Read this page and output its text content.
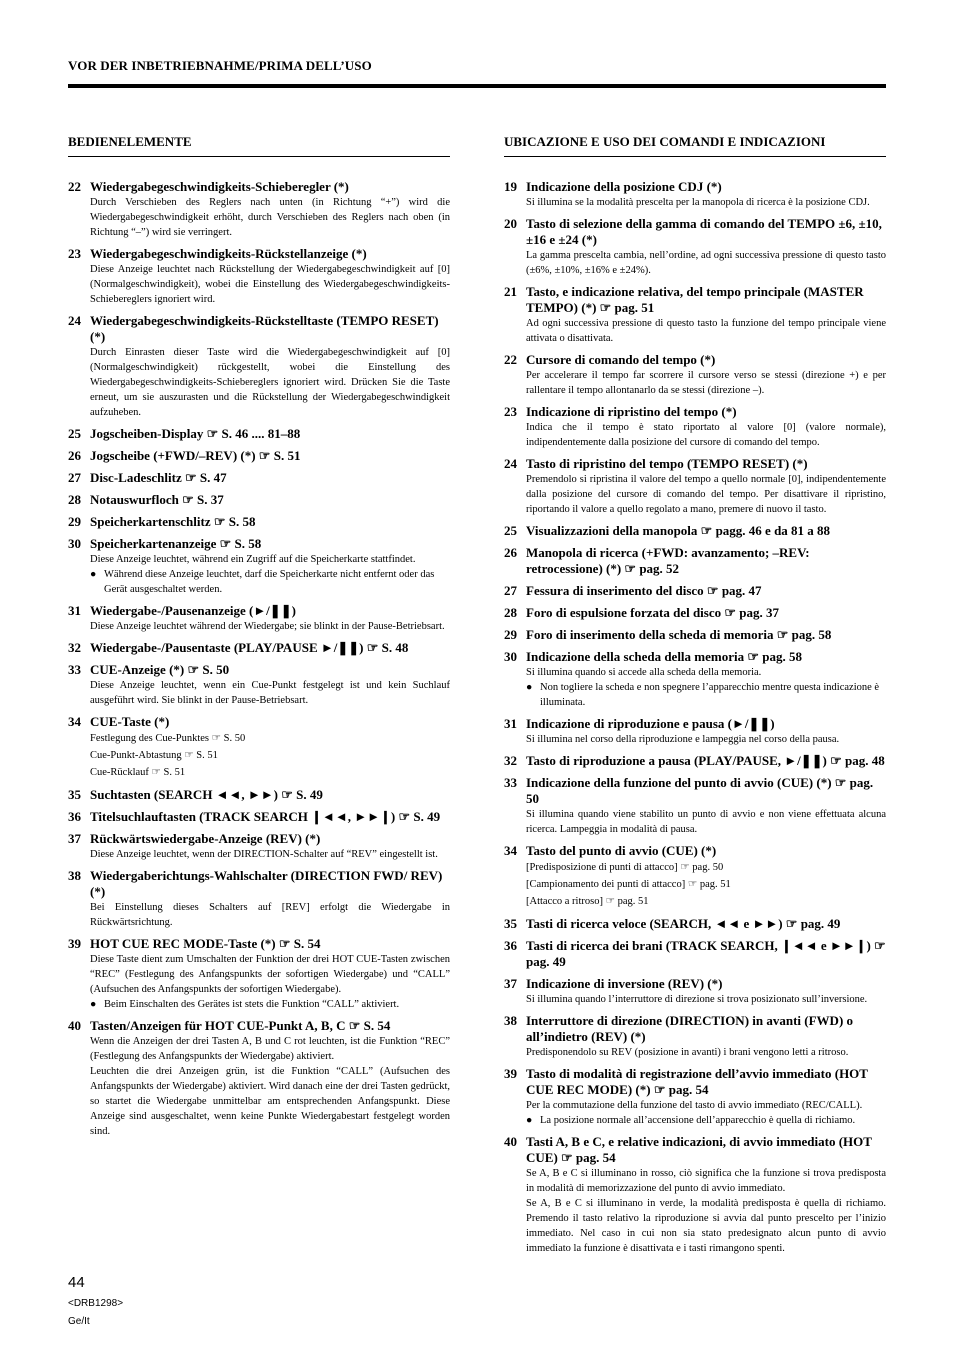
VOR DER INBETRIEBNAHME/PRIMA DELL’USO
BEDIENELEMENTE
22 Wiedergabegeschwindigkeits-Schieberegler (*)

Durch Verschieben des Reglers nach unten (in Richtung “+”) wird die Wiedergabegeschwindigkeit erhöht, durch Verschieben des Reglers nach oben (in Richtung “–”) wird sie verringert.

23 Wiedergabegeschwindigkeits-Rückstellanzeige (*)

Diese Anzeige leuchtet nach Rückstellung der Wiedergabegeschwindigkeit auf [0] (Normalgeschwindigkeit), wobei die Einstellung des Wiedergabegeschwindigkeits-Schiebereglers ignoriert wird.

24 Wiedergabegeschwindigkeits-Rückstelltaste (TEMPO RESET) (*)

Durch Einrasten dieser Taste wird die Wiedergabegeschwindigkeit auf [0] (Normalgeschwindigkeit) rückgestellt, wobei die Einstellung des Wiedergabegeschwindigkeits-Schiebereglers ignoriert wird. Drücken Sie die Taste erneut, um sie auszurasten und die Rückstellung der Wiedergabegeschwindigkeit aufzuheben.

25 Jogscheiben-Display ☞ S. 46 .... 81–88
26 Jogscheibe (+FWD/–REV) (*) ☞ S. 51
27 Disc-Ladeschlitz ☞ S. 47
28 Notauswurfloch ☞ S. 37
29 Speicherkartenschlitz ☞ S. 58
30 Speicherkartenanzeige ☞ S. 58

Diese Anzeige leuchtet, während ein Zugriff auf die Speicherkarte stattfindet.

● Während diese Anzeige leuchtet, darf die Speicherkarte nicht entfernt oder das Gerät ausgeschaltet werden.
31 Wiedergabe-/Pausenanzeige (►/❚❚)

Diese Anzeige leuchtet während der Wiedergabe; sie blinkt in der Pause-Betriebsart.

32 Wiedergabe-/Pausentaste (PLAY/PAUSE ►/❚❚) ☞ S. 48
33 CUE-Anzeige (*) ☞ S. 50

Diese Anzeige leuchtet, wenn ein Cue-Punkt festgelegt ist und kein Suchlauf ausgeführt wird. Sie blinkt in der Pause-Betriebsart.

34 CUE-Taste (*)
Festlegung des Cue-Punktes ☞ S. 50
Cue-Punkt-Abtastung ☞ S. 51
Cue-Rücklauf ☞ S. 51
35 Suchtasten (SEARCH ◄◄, ►►) ☞ S. 49
36 Titelsuchlauftasten (TRACK SEARCH ❙◄◄, ►►❙) ☞ S. 49
37 Rückwärtswiedergabe-Anzeige (REV) (*)

Diese Anzeige leuchtet, wenn der DIRECTION-Schalter auf “REV” eingestellt ist.

38 Wiedergaberichtungs-Wahlschalter (DIRECTION FWD/ REV) (*)

Bei Einstellung dieses Schalters auf [REV] erfolgt die Wiedergabe in Rückwärtsrichtung.

39 HOT CUE REC MODE-Taste (*) ☞ S. 54

Diese Taste dient zum Umschalten der Funktion der drei HOT CUE-Tasten zwischen “REC” (Festlegung des Anfangspunkts der sofortigen Wiedergabe) und “CALL” (Aufsuchen des Anfangspunkts der sofortigen Wiedergabe).

● Beim Einschalten des Gerätes ist stets die Funktion “CALL” aktiviert.
40 Tasten/Anzeigen für HOT CUE-Punkt A, B, C ☞ S. 54

Wenn die Anzeigen der drei Tasten A, B und C rot leuchten, ist die Funktion “REC” (Festlegung des Anfangspunkts der Wiedergabe) aktiviert.

Leuchten die drei Anzeigen grün, ist die Funktion “CALL” (Aufsuchen des Anfangspunkts der Wiedergabe) aktiviert. Wird danach eine der drei Tasten gedrückt, so startet die Wiedergabe unmittelbar am entsprechenden Anfangspunkt. Diese Anzeige sind ausgeschaltet, wenn keine Punkte Wiedergabestart festgelegt worden sind.

UBICAZIONE E USO DEI COMANDI E INDICAZIONI
19 Indicazione della posizione CDJ (*)

Si illumina se la modalità prescelta per la manopola di ricerca è la posizione CDJ.

20 Tasto di selezione della gamma di comando del TEMPO ±6, ±10, ±16 e ±24 (*)

La gamma prescelta cambia, nell’ordine, ad ogni successiva pressione di questo tasto (±6%, ±10%, ±16% e ±24%).

21 Tasto, e indicazione relativa, del tempo principale (MASTER TEMPO) (*) ☞ pag. 51

Ad ogni successiva pressione di questo tasto la funzione del tempo principale viene attivata o disattivata.

22 Cursore di comando del tempo (*)

Per accelerare il tempo far scorrere il cursore verso se stessi (direzione +) e per rallentare il tempo allontanarlo da se stessi (direzione –).

23 Indicazione di ripristino del tempo (*)

Indica che il tempo è stato riportato al valore [0] (valore normale), indipendentemente dalla posizione del cursore di comando del tempo.

24 Tasto di ripristino del tempo (TEMPO RESET) (*)

Premendolo si ripristina il valore del tempo a quello normale [0], indipendentemente dalla posizione del cursore di comando del tempo. Per disattivare il ripristino, riportando il valore a quello regolato a mano, premere di nuovo il tasto.

25 Visualizzazioni della manopola ☞ pagg. 46 e da 81 a 88
26 Manopola di ricerca (+FWD: avanzamento; –REV: retrocessione) (*) ☞ pag. 52
27 Fessura di inserimento del disco ☞ pag. 47
28 Foro di espulsione forzata del disco ☞ pag. 37
29 Foro di inserimento della scheda di memoria ☞ pag. 58
30 Indicazione della scheda della memoria ☞ pag. 58

Si illumina quando si accede alla scheda della memoria.

● Non togliere la scheda e non spegnere l’apparecchio mentre questa indicazione è illuminata.
31 Indicazione di riproduzione e pausa (►/❚❚)

Si illumina nel corso della riproduzione e lampeggia nel corso della pausa.

32 Tasto di riproduzione a pausa (PLAY/PAUSE, ►/❚❚) ☞ pag. 48
33 Indicazione della funzione del punto di avvio (CUE) (*) ☞ pag. 50

Si illumina quando viene stabilito un punto di avvio e non viene effettuata alcuna ricerca. Lampeggia in modalità di pausa.

34 Tasto del punto di avvio (CUE) (*)
[Predisposizione di punti di attacco] ☞ pag. 50
[Campionamento dei punti di attacco] ☞ pag. 51
[Attacco a ritroso] ☞ pag. 51
35 Tasti di ricerca veloce (SEARCH, ◄◄ e ►►) ☞ pag. 49
36 Tasti di ricerca dei brani (TRACK SEARCH, ❙◄◄ e ►►❙) ☞ pag. 49
37 Indicazione di inversione (REV) (*)

Si illumina quando l’interruttore di direzione si trova posizionato sull’inversione.

38 Interruttore di direzione (DIRECTION) in avanti (FWD) o all’indietro (REV) (*)

Predisponendolo su REV (posizione in avanti) i brani vengono letti a ritroso.

39 Tasto di modalità di registrazione dell’avvio immediato (HOT CUE REC MODE) (*) ☞ pag. 54

Per la commutazione della funzione del tasto di avvio immediato (REC/CALL).

● La posizione normale all’accensione dell’apparecchio è quella di richiamo.
40 Tasti A, B e C, e relative indicazioni, di avvio immediato (HOT CUE) ☞ pag. 54

Se A, B e C si illuminano in rosso, ciò significa che la funzione si trova predisposta in modalità di memorizzazione del punto di avvio immediato.

Se A, B e C si illuminano in verde, la modalità predisposta è quella di richiamo. Premendo il tasto relativo la riproduzione si avvia dal punto prescelto per l’inizio immediato. Nel caso in cui non sia stato predesignato alcun punto di avvio immediato la funzione è disattivata e i tasti rimangono spenti.

44
<DRB1298>
Ge/It
